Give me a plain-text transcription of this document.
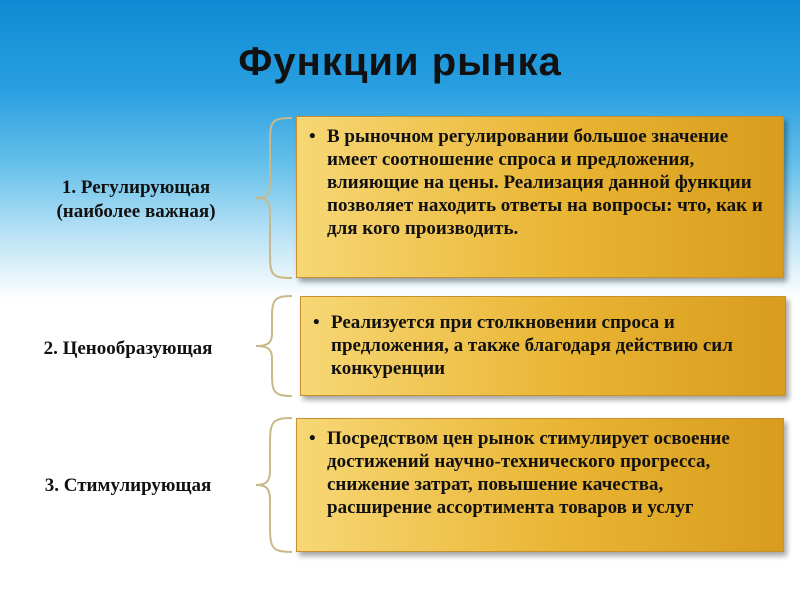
Функции рынка
1. Регулирующая
(наиболее важная)
• В рыночном регулировании большое значение имеет соотношение спроса и предложения, влияющие на цены. Реализация данной функции позволяет находить ответы на вопросы: что, как и для кого производить.
2. Ценообразующая
• Реализуется при столкновении спроса и предложения, а также благодаря действию сил конкуренции
3. Стимулирующая
• Посредством цен рынок стимулирует освоение достижений научно-технического прогресса, снижение затрат, повышение качества, расширение ассортимента товаров и услуг
